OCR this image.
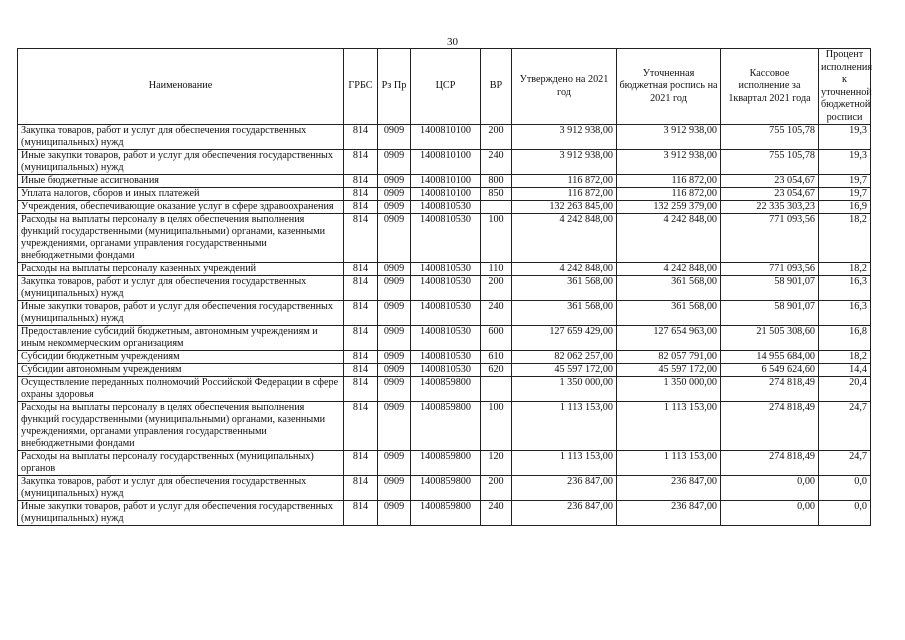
30
Наименование	ГРБС	Рз Пр	ЦСР	ВР	Утверждено на 2021 год	Уточненная бюджетная роспись на 2021 год	Кассовое исполнение за 1квартал 2021 года	Процент исполнения к уточненной бюджетной росписи
Закупка товаров, работ и услуг для обеспечения государственных (муниципальных) нужд	814	0909	1400810100	200	3 912 938,00	3 912 938,00	755 105,78	19,3
Иные закупки товаров, работ и услуг для обеспечения государственных (муниципальных) нужд	814	0909	1400810100	240	3 912 938,00	3 912 938,00	755 105,78	19,3
Иные бюджетные ассигнования	814	0909	1400810100	800	116 872,00	116 872,00	23 054,67	19,7
Уплата налогов, сборов и иных платежей	814	0909	1400810100	850	116 872,00	116 872,00	23 054,67	19,7
Учреждения, обеспечивающие оказание услуг в сфере здравоохранения	814	0909	1400810530		132 263 845,00	132 259 379,00	22 335 303,23	16,9
Расходы на выплаты персоналу в целях обеспечения выполнения функций государственными (муниципальными) органами, казенными учреждениями, органами управления государственными внебюджетными фондами	814	0909	1400810530	100	4 242 848,00	4 242 848,00	771 093,56	18,2
Расходы на выплаты персоналу казенных учреждений	814	0909	1400810530	110	4 242 848,00	4 242 848,00	771 093,56	18,2
Закупка товаров, работ и услуг для обеспечения государственных (муниципальных) нужд	814	0909	1400810530	200	361 568,00	361 568,00	58 901,07	16,3
Иные закупки товаров, работ и услуг для обеспечения государственных (муниципальных) нужд	814	0909	1400810530	240	361 568,00	361 568,00	58 901,07	16,3
Предоставление субсидий бюджетным, автономным учреждениям и иным некоммерческим организациям	814	0909	1400810530	600	127 659 429,00	127 654 963,00	21 505 308,60	16,8
Субсидии бюджетным учреждениям	814	0909	1400810530	610	82 062 257,00	82 057 791,00	14 955 684,00	18,2
Субсидии автономным учреждениям	814	0909	1400810530	620	45 597 172,00	45 597 172,00	6 549 624,60	14,4
Осуществление переданных полномочий Российской Федерации в сфере охраны здоровья	814	0909	1400859800		1 350 000,00	1 350 000,00	274 818,49	20,4
Расходы на выплаты персоналу в целях обеспечения выполнения функций государственными (муниципальными) органами, казенными учреждениями, органами управления государственными внебюджетными фондами	814	0909	1400859800	100	1 113 153,00	1 113 153,00	274 818,49	24,7
Расходы на выплаты персоналу государственных (муниципальных) органов	814	0909	1400859800	120	1 113 153,00	1 113 153,00	274 818,49	24,7
Закупка товаров, работ и услуг для обеспечения государственных (муниципальных) нужд	814	0909	1400859800	200	236 847,00	236 847,00	0,00	0,0
Иные закупки товаров, работ и услуг для обеспечения государственных (муниципальных) нужд	814	0909	1400859800	240	236 847,00	236 847,00	0,00	0,0
